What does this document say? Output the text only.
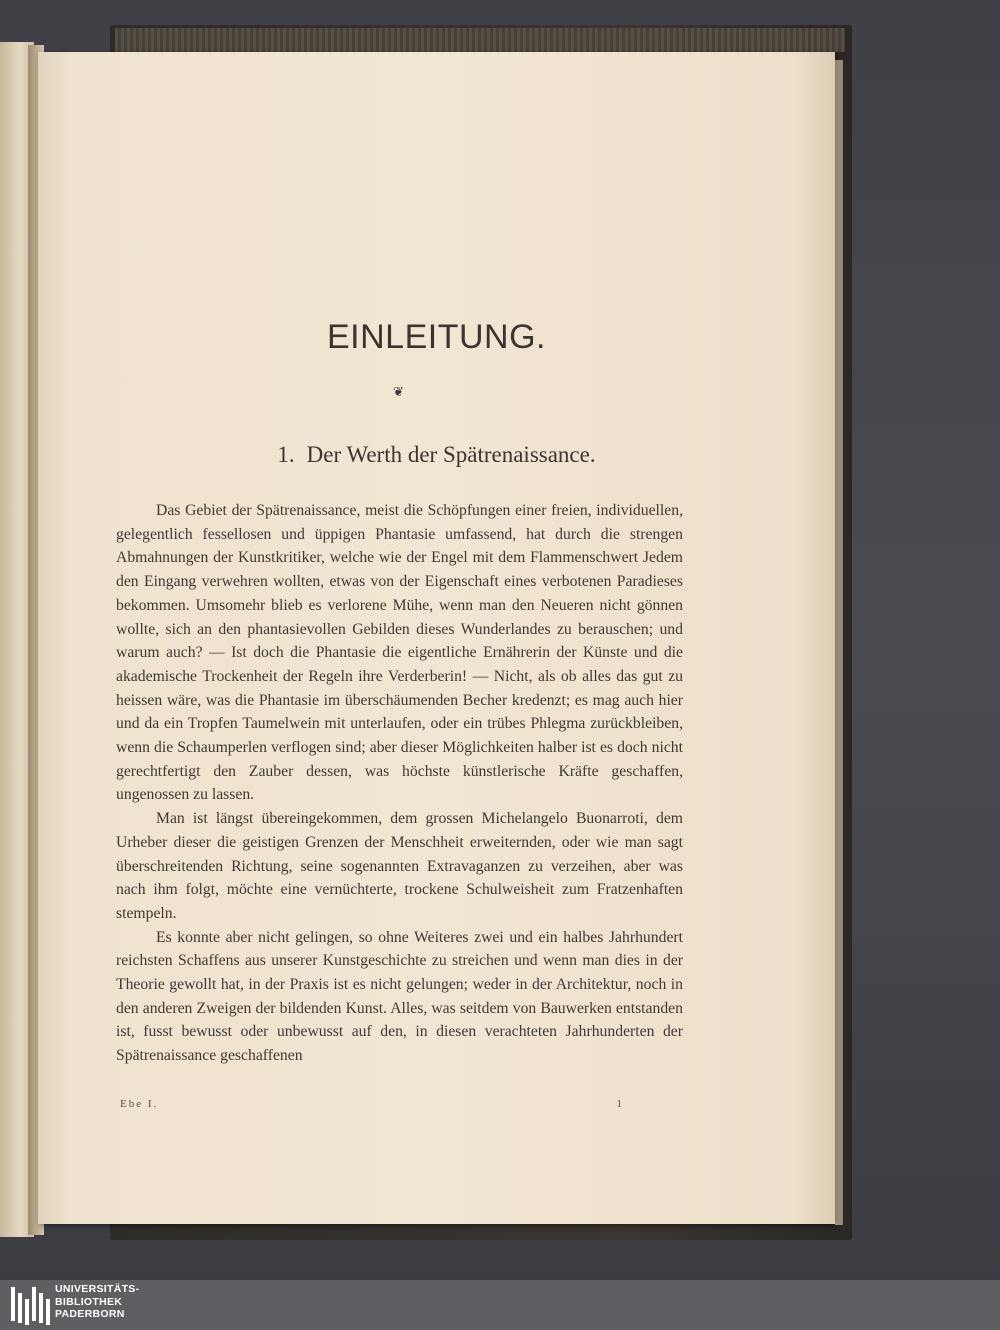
EINLEITUNG.
❦
1. Der Werth der Spätrenaissance.

Das Gebiet der Spätrenaissance, meist die Schöpfungen einer freien, individuellen, gelegentlich fessellosen und üppigen Phantasie umfassend, hat durch die strengen Abmahnungen der Kunstkritiker, welche wie der Engel mit dem Flammenschwert Jedem den Eingang verwehren wollten, etwas von der Eigenschaft eines verbotenen Paradieses bekommen. Umsomehr blieb es verlorene Mühe, wenn man den Neueren nicht gönnen wollte, sich an den phantasievollen Gebilden dieses Wunderlandes zu berauschen; und warum auch? — Ist doch die Phantasie die eigentliche Ernährerin der Künste und die akademische Trockenheit der Regeln ihre Verderberin! — Nicht, als ob alles das gut zu heissen wäre, was die Phantasie im überschäumenden Becher kredenzt; es mag auch hier und da ein Tropfen Taumelwein mit unterlaufen, oder ein trübes Phlegma zurückbleiben, wenn die Schaumperlen verflogen sind; aber dieser Möglichkeiten halber ist es doch nicht gerechtfertigt den Zauber dessen, was höchste künstlerische Kräfte geschaffen, ungenossen zu lassen.

Man ist längst übereingekommen, dem grossen Michelangelo Buonarroti, dem Urheber dieser die geistigen Grenzen der Menschheit erweiternden, oder wie man sagt überschreitenden Richtung, seine sogenannten Extravaganzen zu verzeihen, aber was nach ihm folgt, möchte eine vernüchterte, trockene Schulweisheit zum Fratzenhaften stempeln.

Es konnte aber nicht gelingen, so ohne Weiteres zwei und ein halbes Jahrhundert reichsten Schaffens aus unserer Kunstgeschichte zu streichen und wenn man dies in der Theorie gewollt hat, in der Praxis ist es nicht gelungen; weder in der Architektur, noch in den anderen Zweigen der bildenden Kunst. Alles, was seitdem von Bauwerken entstanden ist, fusst bewusst oder unbewusst auf den, in diesen verachteten Jahrhunderten der Spätrenaissance geschaffenen

Ebe I.	1
UNIVERSITÄTS-
BIBLIOTHEK
PADERBORN
